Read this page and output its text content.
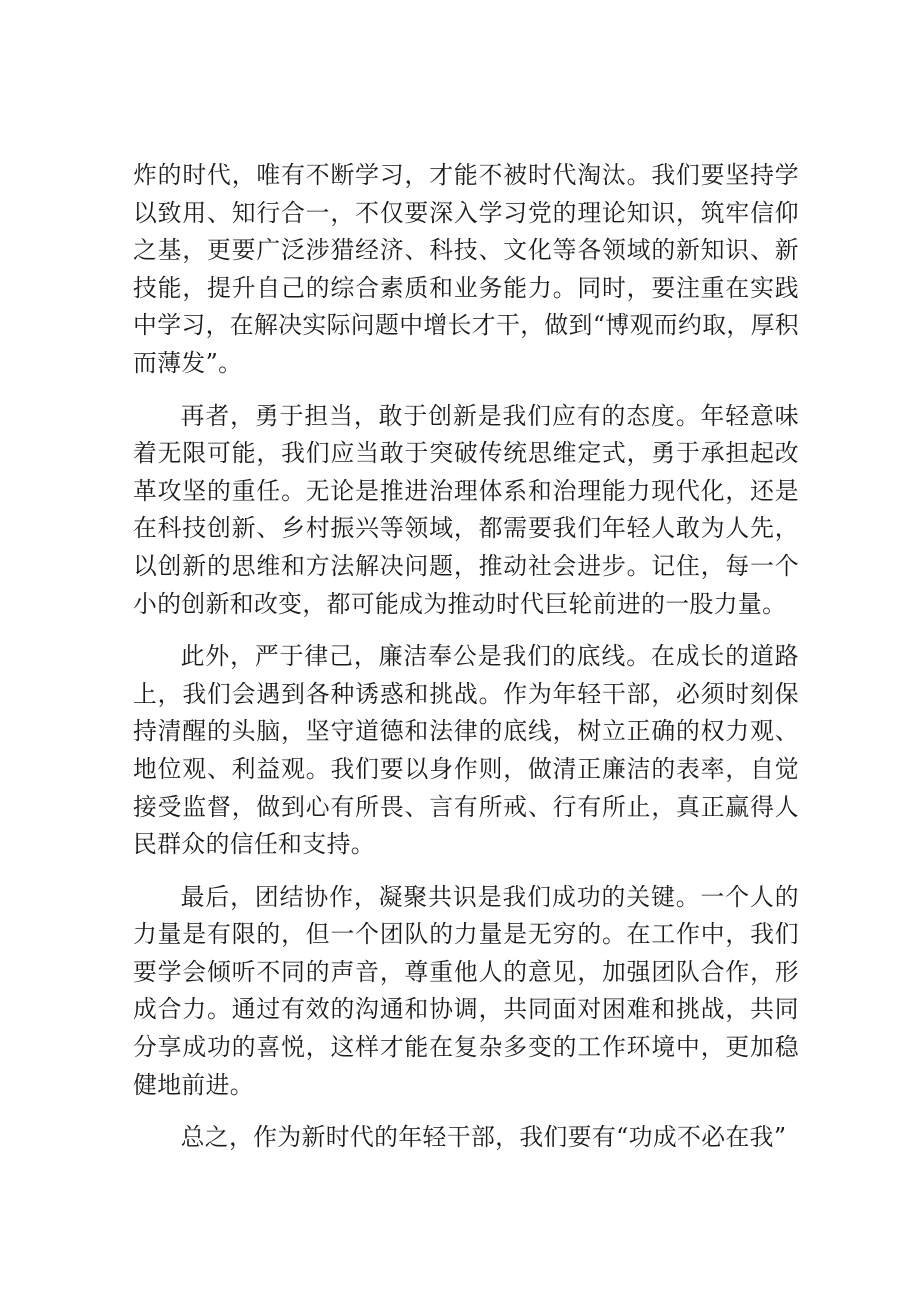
炸的时代，唯有不断学习，才能不被时代淘汰。我们要坚持学以致用、知行合一，不仅要深入学习党的理论知识，筑牢信仰之基，更要广泛涉猎经济、科技、文化等各领域的新知识、新技能，提升自己的综合素质和业务能力。同时，要注重在实践中学习，在解决实际问题中增长才干，做到“博观而约取，厚积而薄发”。

再者，勇于担当，敢于创新是我们应有的态度。年轻意味着无限可能，我们应当敢于突破传统思维定式，勇于承担起改革攻坚的重任。无论是推进治理体系和治理能力现代化，还是在科技创新、乡村振兴等领域，都需要我们年轻人敢为人先，以创新的思维和方法解决问题，推动社会进步。记住，每一个小的创新和改变，都可能成为推动时代巨轮前进的一股力量。

此外，严于律己，廉洁奉公是我们的底线。在成长的道路上，我们会遇到各种诱惑和挑战。作为年轻干部，必须时刻保持清醒的头脑，坚守道德和法律的底线，树立正确的权力观、地位观、利益观。我们要以身作则，做清正廉洁的表率，自觉接受监督，做到心有所畏、言有所戒、行有所止，真正赢得人民群众的信任和支持。

最后，团结协作，凝聚共识是我们成功的关键。一个人的力量是有限的，但一个团队的力量是无穷的。在工作中，我们要学会倾听不同的声音，尊重他人的意见，加强团队合作，形成合力。通过有效的沟通和协调，共同面对困难和挑战，共同分享成功的喜悦，这样才能在复杂多变的工作环境中，更加稳健地前进。

总之，作为新时代的年轻干部，我们要有“功成不必在我”
